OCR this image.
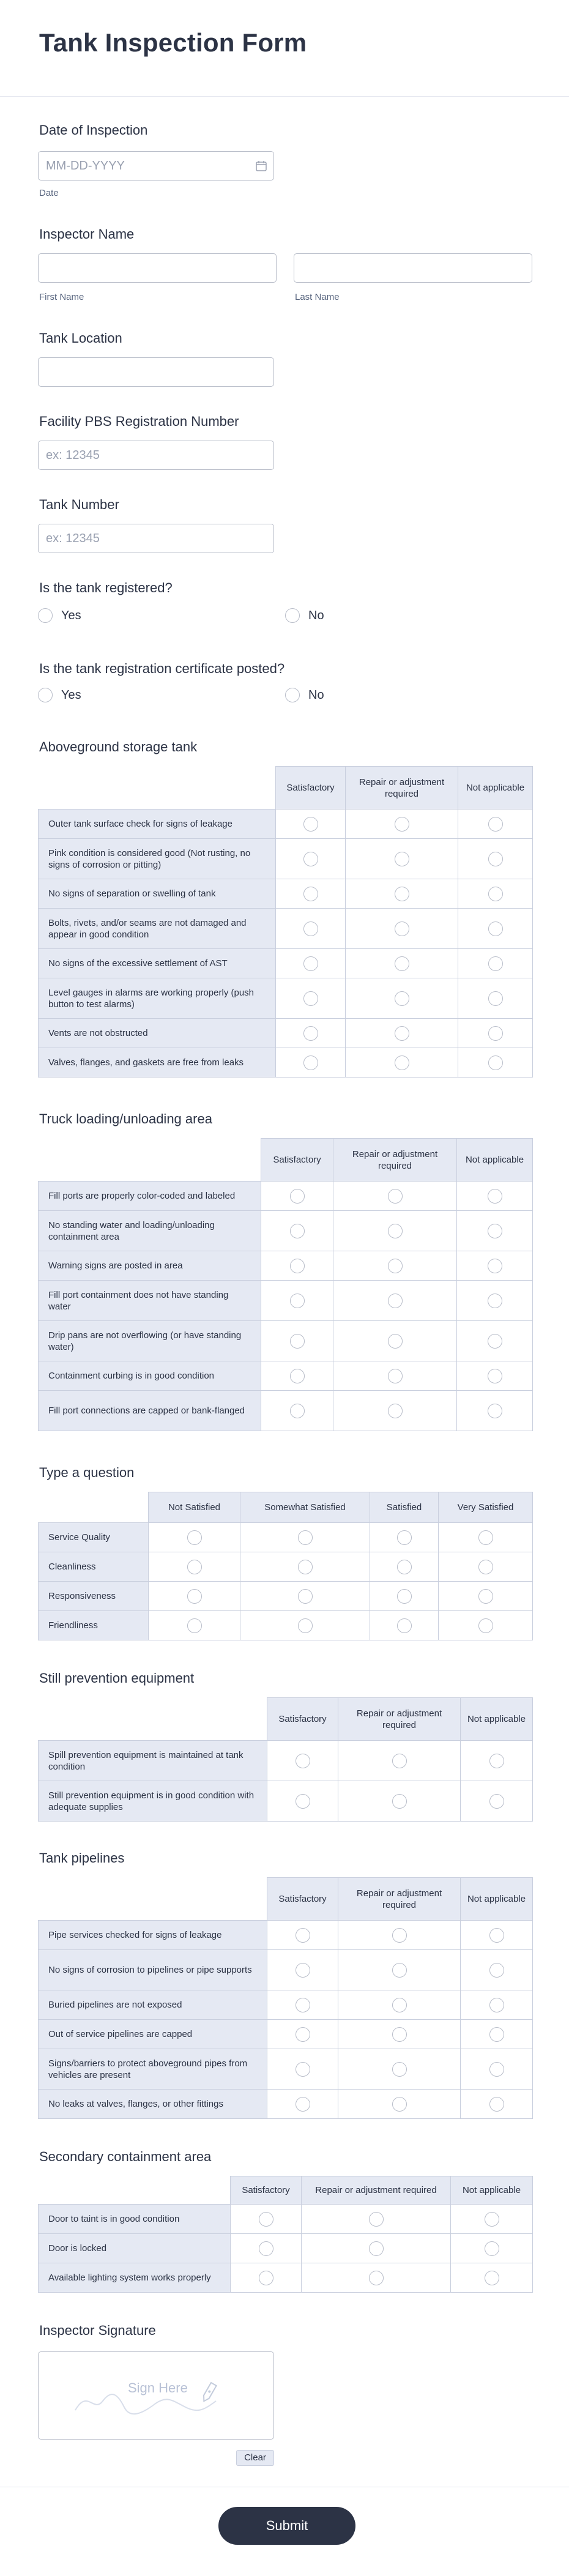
Tank Inspection Form
Date of Inspection
MM-DD-YYYY
Date
Inspector Name
First Name	Last Name
Tank Location
Facility PBS Registration Number
ex: 12345
Tank Number
ex: 12345
Is the tank registered?
Yes	No
Is the tank registration certificate posted?
Yes	No
Aboveground storage tank
	Satisfactory	Repair or adjustment required	Not applicable
Outer tank surface check for signs of leakage			
Pink condition is considered good (Not rusting, no signs of corrosion or pitting)			
No signs of separation or swelling of tank			
Bolts, rivets, and/or seams are not damaged and appear in good condition			
No signs of the excessive settlement of AST			
Level gauges in alarms are working properly (push button to test alarms)			
Vents are not obstructed			
Valves, flanges, and gaskets are free from leaks			
Truck loading/unloading area
	Satisfactory	Repair or adjustment required	Not applicable
Fill ports are properly color-coded and labeled			
No standing water and loading/unloading containment area			
Warning signs are posted in area			
Fill port containment does not have standing water			
Drip pans are not overflowing (or have standing water)			
Containment curbing is in good condition			
Fill port connections are capped or bank-flanged			
Type a question
	Not Satisfied	Somewhat Satisfied	Satisfied	Very Satisfied
Service Quality				
Cleanliness				
Responsiveness				
Friendliness				
Still prevention equipment
	Satisfactory	Repair or adjustment required	Not applicable
Spill prevention equipment is maintained at tank condition			
Still prevention equipment is in good condition with adequate supplies			
Tank pipelines
	Satisfactory	Repair or adjustment required	Not applicable
Pipe services checked for signs of leakage			
No signs of corrosion to pipelines or pipe supports			
Buried pipelines are not exposed			
Out of service pipelines are capped			
Signs/barriers to protect aboveground pipes from vehicles are present			
No leaks at valves, flanges, or other fittings			
Secondary containment area
	Satisfactory	Repair or adjustment required	Not applicable
Door to taint is in good condition			
Door is locked			
Available lighting system works properly			
Inspector Signature
Sign Here
Clear
Submit
